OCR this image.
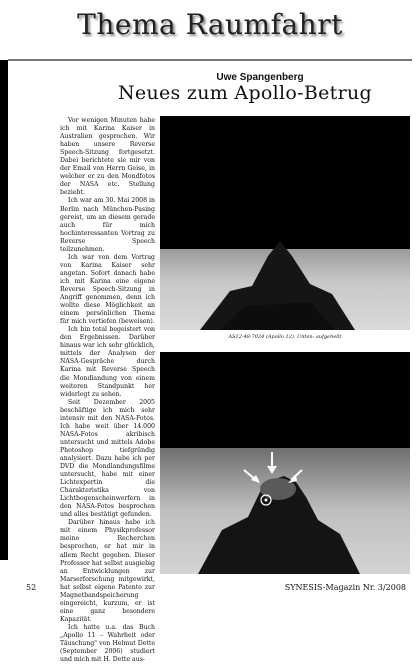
Thema Raumfahrt
Uwe Spangenberg
Neues zum Apollo-Betrug

Vor wenigen Minuten habe ich mit Karina Kaiser in Australien gesprochen. Wir haben unsere Reverse Speech-Sitzung fortgesetzt. Dabei berichtete sie mir von der Email von Herrn Geise, in welcher er zu den Mondfotos der NASA etc. Stellung bezieht.

Ich war am 30. Mai 2008 in Berlin nach München-Pasing gereist, um an diesem gerade auch für mich hochinteressanten Vortrag zu Reverse Speech teilzunehmen.

Ich war von dem Vortrag von Karina Kaiser sehr angetan. Sofort danach habe ich mit Karina eine eigene Reverse Speech-Sitzung in Angriff genommen, denn ich wollte diese Möglichkeit an einem persönlichen Thema für mich vertiefen (beweisen).

Ich bin total begeistert von den Ergebnissen. Darüber hinaus war ich sehr glücklich, mittels der Analysen der NASA-Gespräche durch Karina mit Reverse Speech die Mondlandung von einem weiteren Standpunkt her widerlegt zu sehen.

Seit Dezember 2005 beschäftige ich mich sehr intensiv mit den NASA-Fotos. Ich habe weit über 14.000 NASA-Fotos akribisch untersucht und mittels Adobe Photoshop tiefgründig analysiert. Dazu habe ich per DVD die Mondlandungsfilme untersucht, habe mit einer Lichtexpertin die Charakteristika von Lichtbogenscheinwerfern in den NASA-Fotos besprochen und alles bestätigt gefunden.

Darüber hinaus habe ich mit einem Physikprofessor meine Recherchen besprochen, er hat mir in allem Recht gegeben. Dieser Professor hat selbst ausgiebig an Entwicklungen zur Marserforschung mitgewirkt, hat selbst eigene Patente zur Magnetbandspeicherung eingereicht, kurzum, er ist eine ganz besondere Kapazität.

Ich hatte u.a. das Buch „Apollo 11 – Wahrheit oder Täuschung" von Helmut Dette (September 2006) studiert und mich mit H. Dette aus-

AS12-48-7024 (Apollo 12). Unten: aufgehellt
52	SYNESIS-Magazin Nr. 3/2008
